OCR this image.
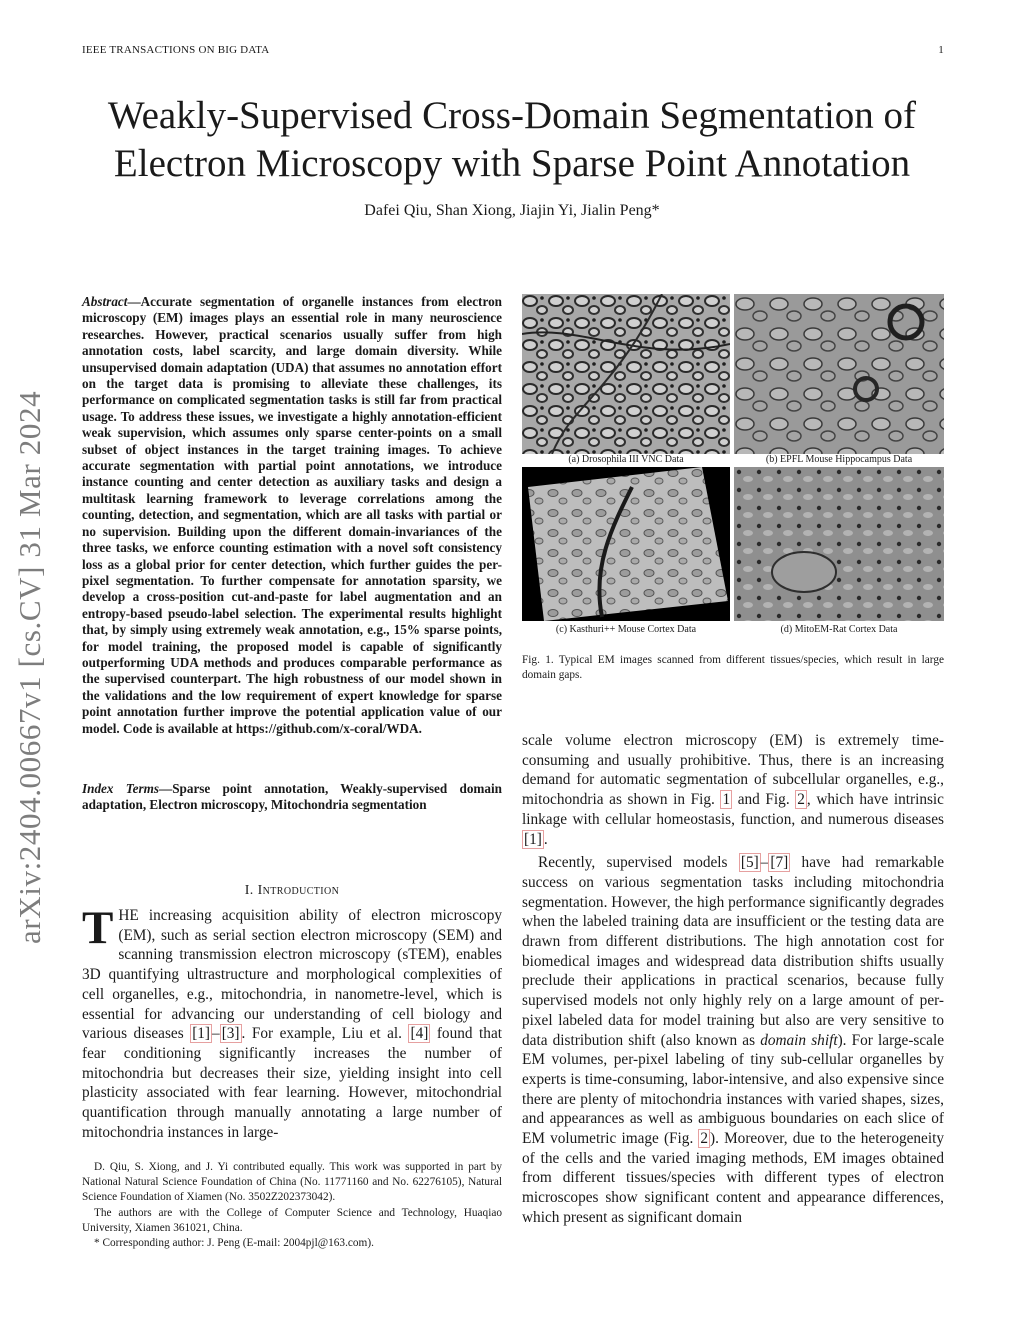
IEEE TRANSACTIONS ON BIG DATA	1
Weakly-Supervised Cross-Domain Segmentation of
Electron Microscopy with Sparse Point Annotation
Dafei Qiu, Shan Xiong, Jiajin Yi, Jialin Peng*
arXiv:2404.00667v1 [cs.CV] 31 Mar 2024

Abstract—Accurate segmentation of organelle instances from electron microscopy (EM) images plays an essential role in many neuroscience researches. However, practical scenarios usually suffer from high annotation costs, label scarcity, and large domain diversity. While unsupervised domain adaptation (UDA) that assumes no annotation effort on the target data is promising to alleviate these challenges, its performance on complicated segmentation tasks is still far from practical usage. To address these issues, we investigate a highly annotation-efficient weak supervision, which assumes only sparse center-points on a small subset of object instances in the target training images. To achieve accurate segmentation with partial point annotations, we introduce instance counting and center detection as auxiliary tasks and design a multitask learning framework to leverage correlations among the counting, detection, and segmentation, which are all tasks with partial or no supervision. Building upon the different domain-invariances of the three tasks, we enforce counting estimation with a novel soft consistency loss as a global prior for center detection, which further guides the per-pixel segmentation. To further compensate for annotation sparsity, we develop a cross-position cut-and-paste for label augmentation and an entropy-based pseudo-label selection. The experimental results highlight that, by simply using extremely weak annotation, e.g., 15% sparse points, for model training, the proposed model is capable of significantly outperforming UDA methods and produces comparable performance as the supervised counterpart. The high robustness of our model shown in the validations and the low requirement of expert knowledge for sparse point annotation further improve the potential application value of our model. Code is available at https://github.com/x-coral/WDA.

Index Terms—Sparse point annotation, Weakly-supervised domain adaptation, Electron microscopy, Mitochondria segmentation
I. Introduction
THE increasing acquisition ability of electron microscopy (EM), such as serial section electron microscopy (SEM) and scanning transmission electron microscopy (sTEM), enables 3D quantifying ultrastructure and morphological complexities of cell organelles, e.g., mitochondria, in nanometre-level, which is essential for advancing our understanding of cell biology and various diseases [1] – [3] . For example, Liu et al. [4] found that fear conditioning significantly increases the number of mitochondria but decreases their size, yielding insight into cell plasticity associated with fear learning. However, mitochondrial quantification through manually annotating a large number of mitochondria instances in large-

D. Qiu, S. Xiong, and J. Yi contributed equally. This work was supported in part by National Natural Science Foundation of China (No. 11771160 and No. 62276105), Natural Science Foundation of Xiamen (No. 3502Z202373042).

The authors are with the College of Computer Science and Technology, Huaqiao University, Xiamen 361021, China.

* Corresponding author: J. Peng (E-mail: 2004pjl@163.com).

(a) Drosophila III VNC Data	(b) EPFL Mouse Hippocampus Data
(c) Kasthuri++ Mouse Cortex Data	(d) MitoEM-Rat Cortex Data
Fig. 1. Typical EM images scanned from different tissues/species, which result in large domain gaps.

scale volume electron microscopy (EM) is extremely time-consuming and usually prohibitive. Thus, there is an increasing demand for automatic segmentation of subcellular organelles, e.g., mitochondria as shown in Fig. 1 and Fig. 2 , which have intrinsic linkage with cellular homeostasis, function, and numerous diseases [1] .

Recently, supervised models [5] – [7] have had remarkable success on various segmentation tasks including mitochondria segmentation. However, the high performance significantly degrades when the labeled training data are insufficient or the testing data are drawn from different distributions. The high annotation cost for biomedical images and widespread data distribution shifts usually preclude their applications in practical scenarios, because fully supervised models not only highly rely on a large amount of per-pixel labeled data for model training but also are very sensitive to data distribution shift (also known as domain shift). For large-scale EM volumes, per-pixel labeling of tiny sub-cellular organelles by experts is time-consuming, labor-intensive, and also expensive since there are plenty of mitochondria instances with varied shapes, sizes, and appearances as well as ambiguous boundaries on each slice of EM volumetric image (Fig. 2 ). Moreover, due to the heterogeneity of the cells and the varied imaging methods, EM images obtained from different tissues/species with different types of electron microscopes show significant content and appearance differences, which present as significant domain
